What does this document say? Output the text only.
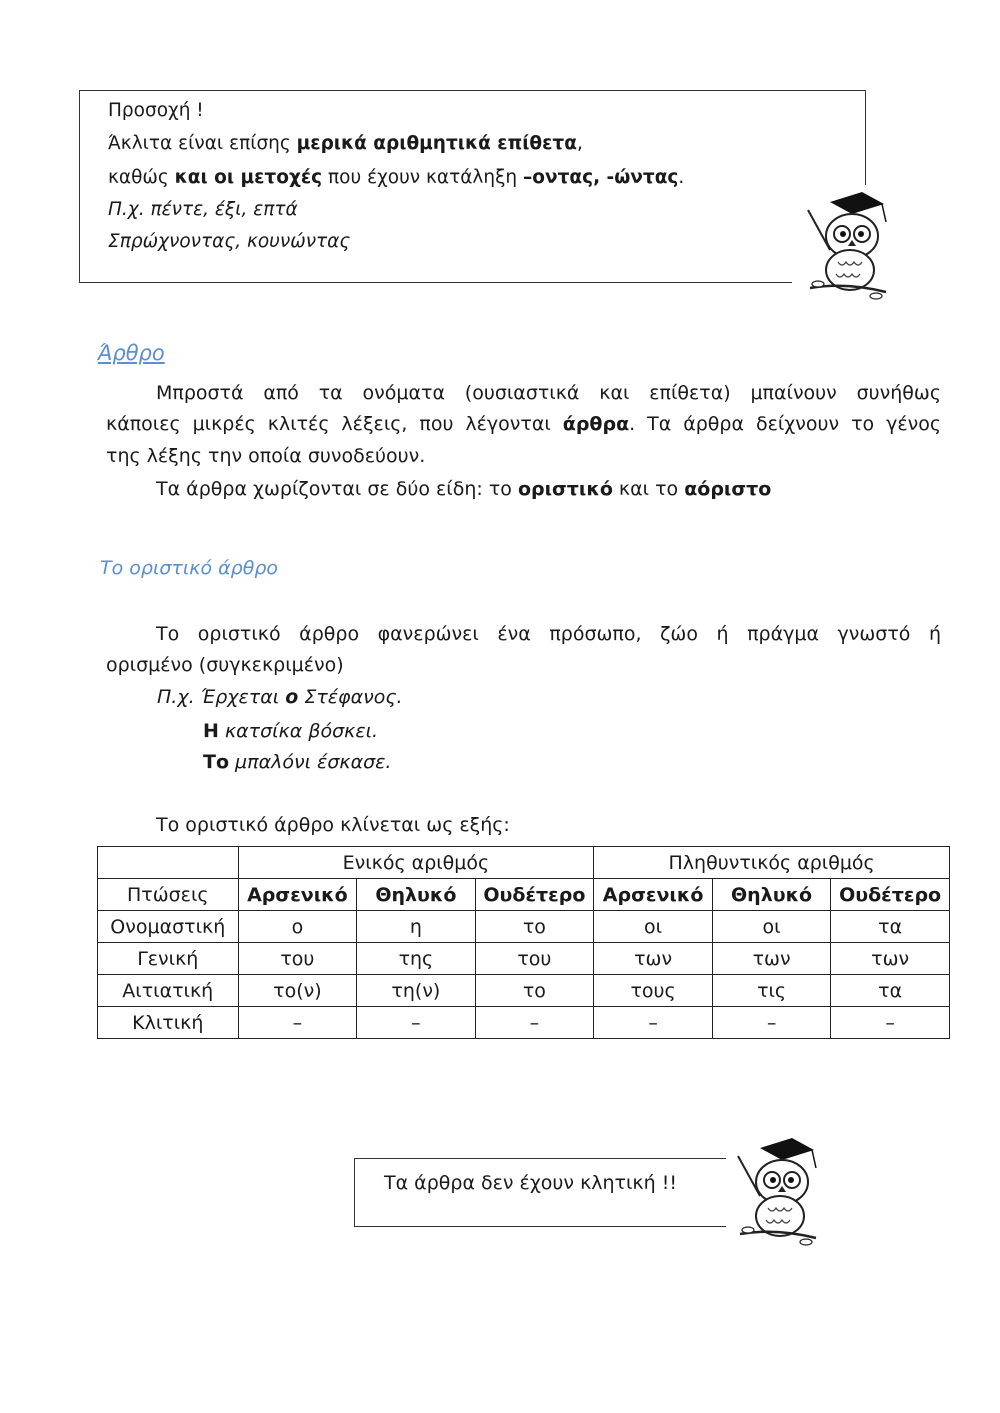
Προσοχή !
Άκλιτα είναι επίσης μερικά αριθμητικά επίθετα,
καθώς και οι μετοχές που έχουν κατάληξη –οντας, -ώντας.
Π.χ. πέντε, έξι, επτά
Σπρώχνοντας, κουνώντας
Άρθρο
Μπροστά από τα ονόματα (ουσιαστικά και επίθετα) μπαίνουν συνήθως
κάποιες μικρές κλιτές λέξεις, που λέγονται άρθρα. Τα άρθρα δείχνουν το γένος
της λέξης την οποία συνοδεύουν.
Τα άρθρα χωρίζονται σε δύο είδη: το οριστικό και το αόριστο
Το οριστικό άρθρο
Το οριστικό άρθρο φανερώνει ένα πρόσωπο, ζώο ή πράγμα γνωστό ή
ορισμένο (συγκεκριμένο)
Π.χ. Έρχεται ο Στέφανος.
Η κατσίκα βόσκει.
Το μπαλόνι έσκασε.
Το οριστικό άρθρο κλίνεται ως εξής:
	Ενικός αριθμός			Πληθυντικός αριθμός		
Πτώσεις	Αρσενικό	Θηλυκό	Ουδέτερο	Αρσενικό	Θηλυκό	Ουδέτερο
Ονομαστική	ο	η	το	οι	οι	τα
Γενική	του	της	του	των	των	των
Αιτιατική	το(ν)	τη(ν)	το	τους	τις	τα
Κλιτική	–	–	–	–	–	–
Τα άρθρα δεν έχουν κλητική !!
